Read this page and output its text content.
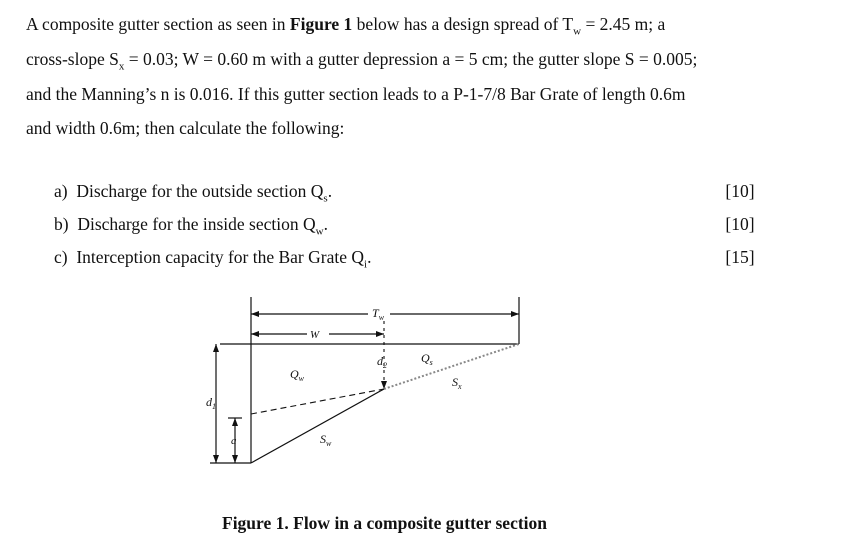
A composite gutter section as seen in Figure 1 below has a design spread of $T_w = 2.45$ m; a
cross-slope $S_x = 0.03$; W = 0.60 m with a gutter depression a = 5 cm; the gutter slope S = 0.005;
and the Manning’s n is 0.016. If this gutter section leads to a P-1-7/8 Bar Grate of length 0.6m
and width 0.6m; then calculate the following:
a) Discharge for the outside section $Q_s$.	[10]
b) Discharge for the inside section $Q_w$.	[10]
c) Interception capacity for the Bar Grate $Q_i$.	[15]
$T_w$
W
$d_2$
$Q_s$
$Q_w$	$S_x$
$S_w$
$d_1$
a
Figure 1. Flow in a composite gutter section
